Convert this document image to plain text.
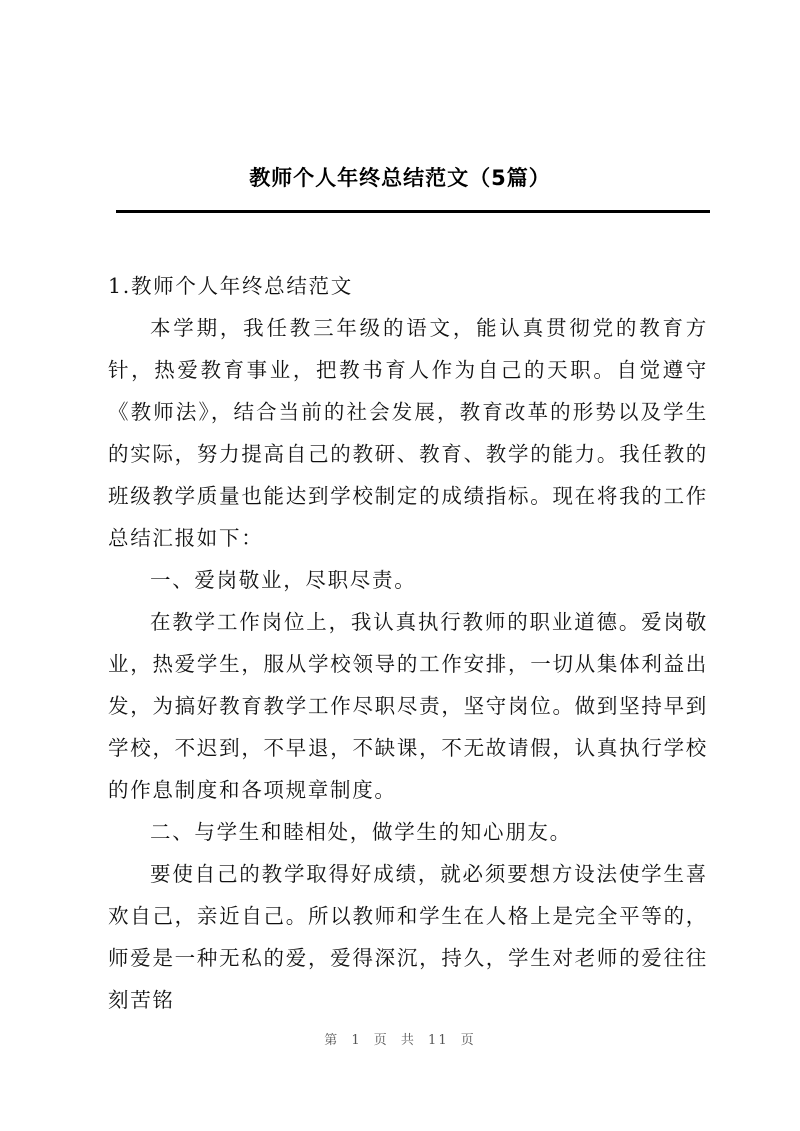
教师个人年终总结范文（5篇）

1.教师个人年终总结范文

本学期，我任教三年级的语文，能认真贯彻党的教育方针，热爱教育事业，把教书育人作为自己的天职。自觉遵守《教师法》，结合当前的社会发展，教育改革的形势以及学生的实际，努力提高自己的教研、教育、教学的能力。我任教的班级教学质量也能达到学校制定的成绩指标。现在将我的工作总结汇报如下：

一、爱岗敬业，尽职尽责。

在教学工作岗位上，我认真执行教师的职业道德。爱岗敬业，热爱学生，服从学校领导的工作安排，一切从集体利益出发，为搞好教育教学工作尽职尽责，坚守岗位。做到坚持早到学校，不迟到，不早退，不缺课，不无故请假，认真执行学校的作息制度和各项规章制度。

二、与学生和睦相处，做学生的知心朋友。

要使自己的教学取得好成绩，就必须要想方设法使学生喜欢自己，亲近自己。所以教师和学生在人格上是完全平等的，师爱是一种无私的爱，爱得深沉，持久，学生对老师的爱往往刻苦铭

第 1 页 共 11 页
